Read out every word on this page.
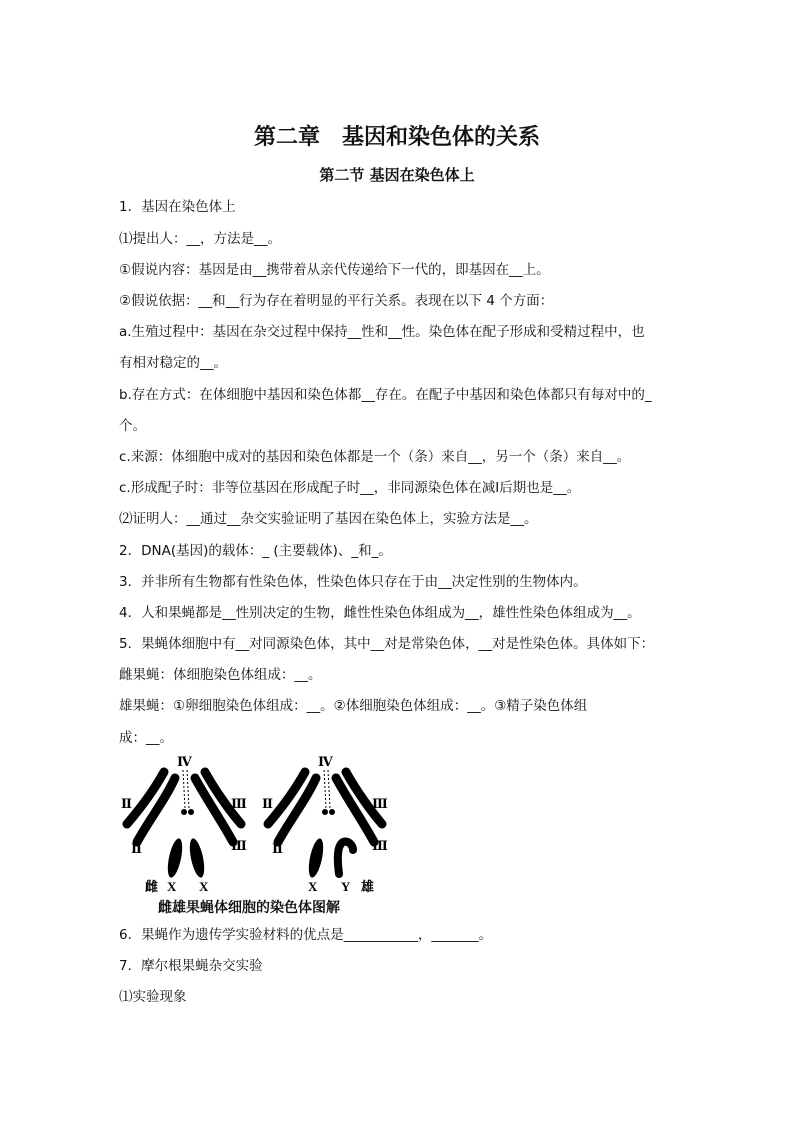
第二章　基因和染色体的关系
第二节 基因在染色体上
1．基因在染色体上
⑴提出人：__，方法是__。
①假说内容：基因是由__携带着从亲代传递给下一代的，即基因在__上。
②假说依据：__和__行为存在着明显的平行关系。表现在以下 4 个方面：
a.生殖过程中：基因在杂交过程中保持__性和__性。染色体在配子形成和受精过程中，也
有相对稳定的__。
b.存在方式：在体细胞中基因和染色体都__存在。在配子中基因和染色体都只有每对中的_
个。
c.来源：体细胞中成对的基因和染色体都是一个（条）来自__，另一个（条）来自__。
c.形成配子时：非等位基因在形成配子时__，非同源染色体在减Ⅰ后期也是__。
⑵证明人：__通过__杂交实验证明了基因在染色体上，实验方法是__。
2．DNA(基因)的载体：_ (主要载体)、_和_。
3．并非所有生物都有性染色体，性染色体只存在于由__决定性别的生物体内。
4．人和果蝇都是__性别决定的生物，雌性性染色体组成为__，雄性性染色体组成为__。
5．果蝇体细胞中有__对同源染色体，其中__对是常染色体，__对是性染色体。具体如下：
雌果蝇：体细胞染色体组成：__。
雄果蝇：①卵细胞染色体组成：__。②体细胞染色体组成：__。③精子染色体组
成：__。
Ⅳ
Ⅱ
Ⅱ
Ⅲ
Ⅲ
雌 X X
Ⅳ
Ⅱ
Ⅱ
Ⅲ
Ⅲ
X Y 雄
雌雄果蝇体细胞的染色体图解
6．果蝇作为遗传学实验材料的优点是___________，_______。
7．摩尔根果蝇杂交实验
⑴实验现象
